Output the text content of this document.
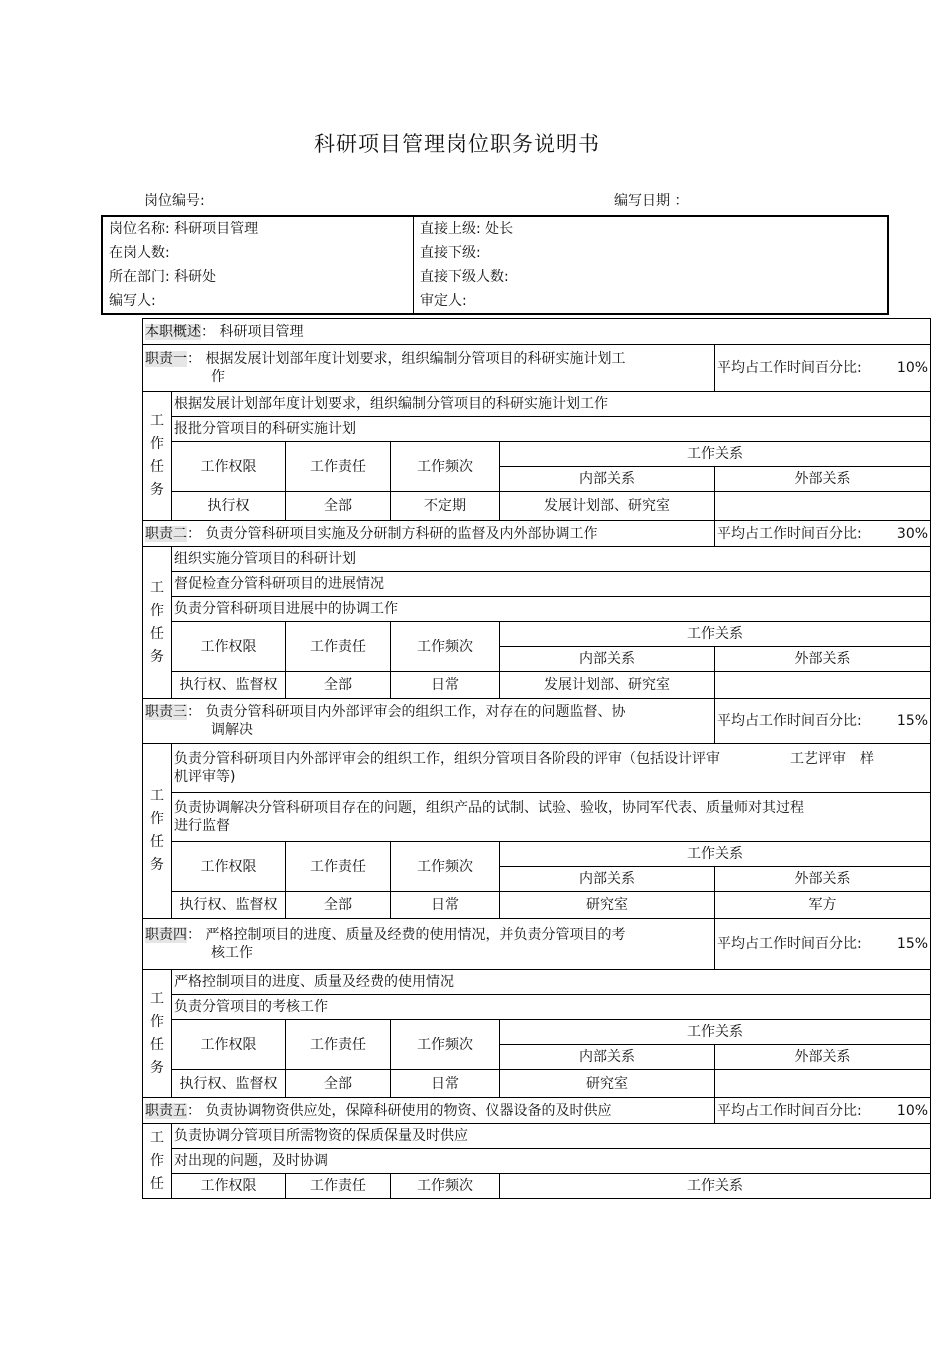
科研项目管理岗位职务说明书
岗位编号:	编写日期 ：
岗位名称: 科研项目管理	直接上级: 处长
在岗人数:	直接下级:
所在部门: 科研处	直接下级人数:
编写人:	审定人:
本职概述： 科研项目管理					
职责一： 根据发展计划部年度计划要求，组织编制分管项目的科研实施计划工
作					平均占工作时间百分比: 10%

工
作
任
务	根据发展计划部年度计划要求，组织编制分管项目的科研实施计划工作				
	报批分管项目的科研实施计划				
	工作权限	工作责任	工作频次	工作关系	
				内部关系	外部关系
	执行权	全部	不定期	发展计划部、研究室	
职责二： 负责分管科研项目实施及分研制方科研的监督及内外部协调工作					平均占工作时间百分比: 30%

工
作
任
务	组织实施分管项目的科研计划				
	督促检查分管科研项目的进展情况				
	负责分管科研项目进展中的协调工作				
	工作权限	工作责任	工作频次	工作关系	
				内部关系	外部关系
	执行权、监督权	全部	日常	发展计划部、研究室	
职责三： 负责分管科研项目内外部评审会的组织工作，对存在的问题监督、协
调解决					平均占工作时间百分比: 15%

工
作
任
务	负责分管科研项目内外部评审会的组织工作，组织分管项目各阶段的评审（包括设计评审　　　　　工艺评审　样
机评审等)				
	负责协调解决分管科研项目存在的问题，组织产品的试制、试验、验收，协同军代表、质量师对其过程
进行监督				
	工作权限	工作责任	工作频次	工作关系	
				内部关系	外部关系
	执行权、监督权	全部	日常	研究室	军方
职责四： 严格控制项目的进度、质量及经费的使用情况，并负责分管项目的考
核工作					平均占工作时间百分比: 15%

工
作
任
务	严格控制项目的进度、质量及经费的使用情况				
	负责分管项目的考核工作				
	工作权限	工作责任	工作频次	工作关系	
				内部关系	外部关系
	执行权、监督权	全部	日常	研究室	
职责五： 负责协调物资供应处，保障科研使用的物资、仪器设备的及时供应					平均占工作时间百分比: 10%

工
作
任	负责协调分管项目所需物资的保质保量及时供应				
	对出现的问题，及时协调				
	工作权限	工作责任	工作频次	工作关系	
